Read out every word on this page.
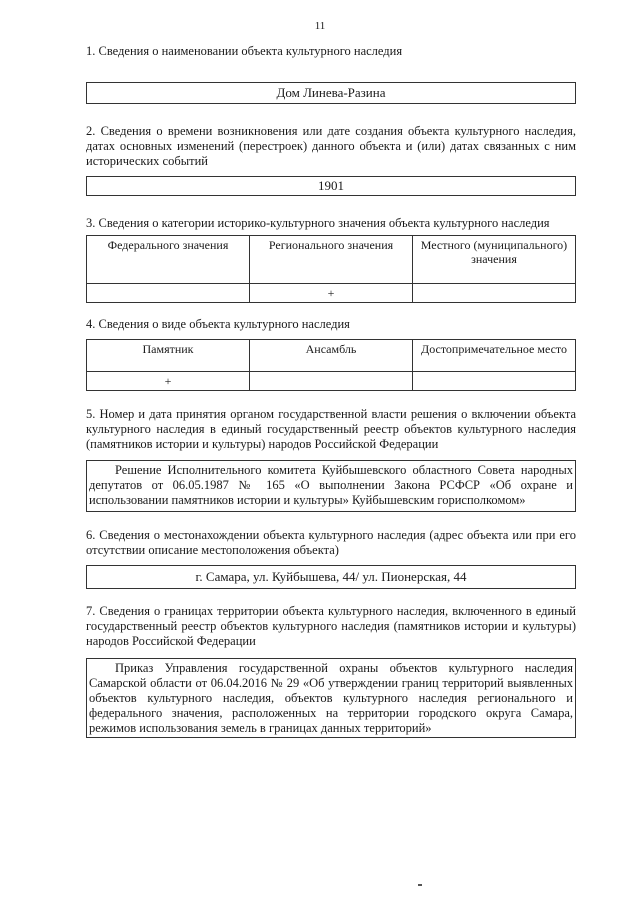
11
1. Сведения о наименовании объекта культурного наследия
Дом Линева-Разина
2. Сведения о времени возникновения или дате создания объекта культурного наследия, датах основных изменений (перестроек) данного объекта и (или) датах связанных с ним исторических событий
1901
3. Сведения о категории историко-культурного значения объекта культурного наследия
Федерального значения	Регионального значения	Местного (муниципального) значения
	+	
4. Сведения о виде объекта культурного наследия
Памятник	Ансамбль	Достопримечательное место
+		
5. Номер и дата принятия органом государственной власти решения о включении объекта культурного наследия в единый государственный реестр объектов культурного наследия (памятников истории и культуры) народов Российской Федерации
Решение Исполнительного комитета Куйбышевского областного Совета народных депутатов от 06.05.1987 № 165 «О выполнении Закона РСФСР «Об охране и использовании памятников истории и культуры» Куйбышевским горисполкомом»
6. Сведения о местонахождении объекта культурного наследия (адрес объекта или при его отсутствии описание местоположения объекта)
г. Самара, ул. Куйбышева, 44/ ул. Пионерская, 44
7. Сведения о границах территории объекта культурного наследия, включенного в единый государственный реестр объектов культурного наследия (памятников истории и культуры) народов Российской Федерации
Приказ Управления государственной охраны объектов культурного наследия Самарской области от 06.04.2016 № 29 «Об утверждении границ территорий выявленных объектов культурного наследия, объектов культурного наследия регионального и федерального значения, расположенных на территории городского округа Самара, режимов использования земель в границах данных территорий»
